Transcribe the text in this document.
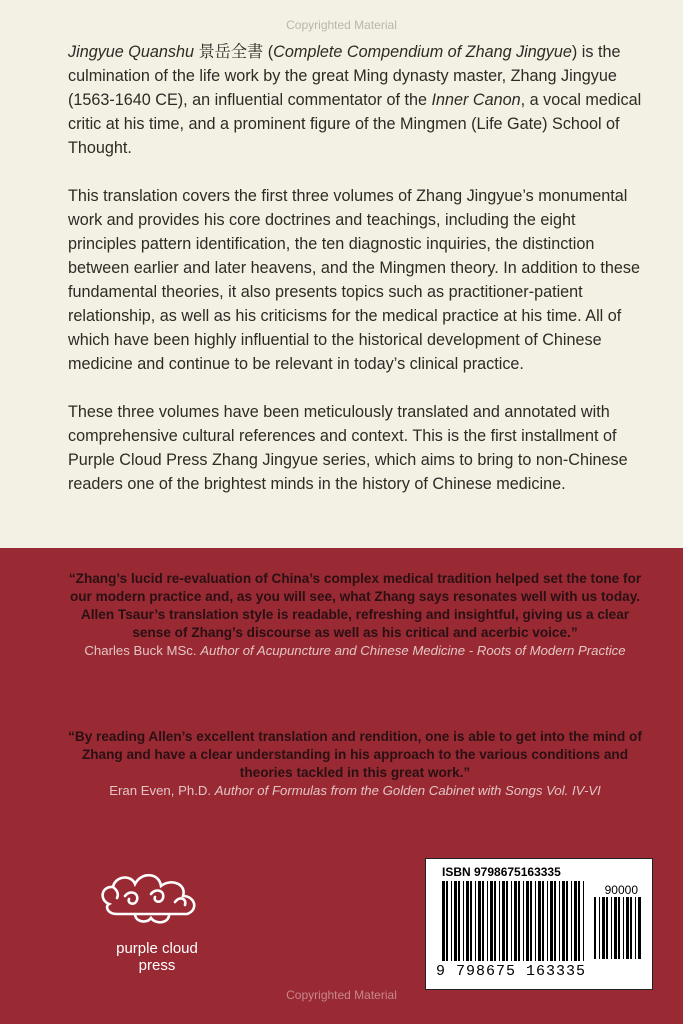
Copyrighted Material

Jingyue Quanshu 景岳全書 (Complete Compendium of Zhang Jingyue) is the culmination of the life work by the great Ming dynasty master, Zhang Jingyue (1563-1640 CE), an influential commentator of the Inner Canon, a vocal medical critic at his time, and a prominent figure of the Mingmen (Life Gate) School of Thought.

This translation covers the first three volumes of Zhang Jingyue’s monumental work and provides his core doctrines and teachings, including the eight principles pattern identification, the ten diagnostic inquiries, the distinction between earlier and later heavens, and the Mingmen theory. In addition to these fundamental theories, it also presents topics such as practitioner-patient relationship, as well as his criticisms for the medical practice at his time. All of which have been highly influential to the historical development of Chinese medicine and continue to be relevant in today’s clinical practice.

These three volumes have been meticulously translated and annotated with comprehensive cultural references and context. This is the first installment of Purple Cloud Press Zhang Jingyue series, which aims to bring to non-Chinese readers one of the brightest minds in the history of Chinese medicine.

“Zhang’s lucid re-evaluation of China’s complex medical tradition helped set the tone for our modern practice and, as you will see, what Zhang says resonates well with us today. Allen Tsaur’s translation style is readable, refreshing and insightful, giving us a clear sense of Zhang’s discourse as well as his critical and acerbic voice.”

Charles Buck MSc. Author of Acupuncture and Chinese Medicine - Roots of Modern Practice

“By reading Allen’s excellent translation and rendition, one is able to get into the mind of Zhang and have a clear understanding in his approach to the various conditions and theories tackled in this great work.”

Eran Even, Ph.D. Author of Formulas from the Golden Cabinet with Songs Vol. IV-VI

purple cloud
press
ISBN 9798675163335
90000
9 798675 163335
Copyrighted Material
